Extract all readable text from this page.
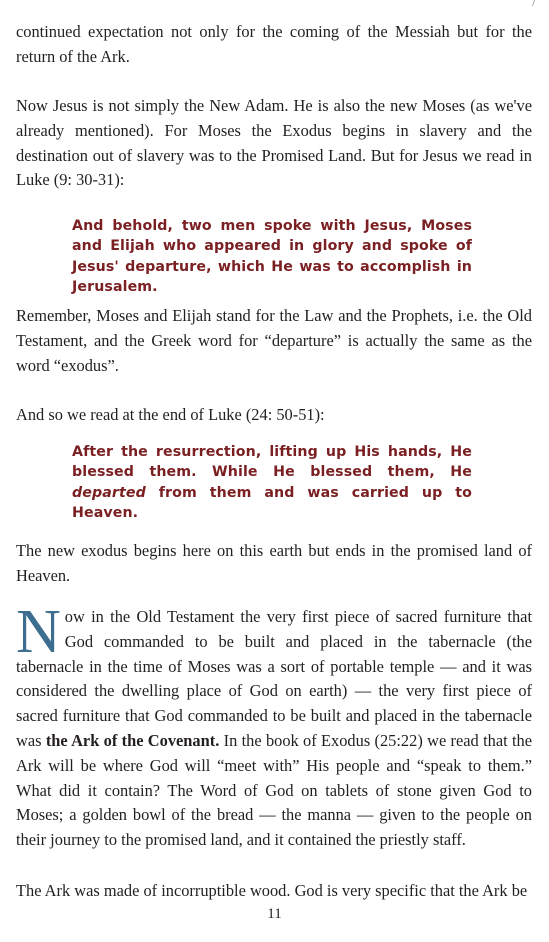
/

continued expectation not only for the coming of the Messiah but for the return of the Ark.

Now Jesus is not simply the New Adam. He is also the new Moses (as we've already mentioned). For Moses the Exodus begins in slavery and the destination out of slavery was to the Promised Land. But for Jesus we read in Luke (9: 30-31):

And behold, two men spoke with Jesus, Moses and Elijah who appeared in glory and spoke of Jesus' departure, which He was to accomplish in Jerusalem.

Remember, Moses and Elijah stand for the Law and the Prophets, i.e. the Old Testament, and the Greek word for “departure” is actually the same as the word “exodus”.

And so we read at the end of Luke (24: 50-51):

After the resurrection, lifting up His hands, He blessed them. While He blessed them, He departed from them and was carried up to Heaven.

The new exodus begins here on this earth but ends in the promised land of Heaven.

Now in the Old Testament the very first piece of sacred furniture that God commanded to be built and placed in the tabernacle (the tabernacle in the time of Moses was a sort of portable temple — and it was considered the dwelling place of God on earth) — the very first piece of sacred furniture that God commanded to be built and placed in the tabernacle was the Ark of the Covenant. In the book of Exodus (25:22) we read that the Ark will be where God will “meet with” His people and “speak to them.” What did it contain? The Word of God on tablets of stone given God to Moses; a golden bowl of the bread — the manna — given to the people on their journey to the promised land, and it contained the priestly staff.

The Ark was made of incorruptible wood. God is very specific that the Ark be

11
